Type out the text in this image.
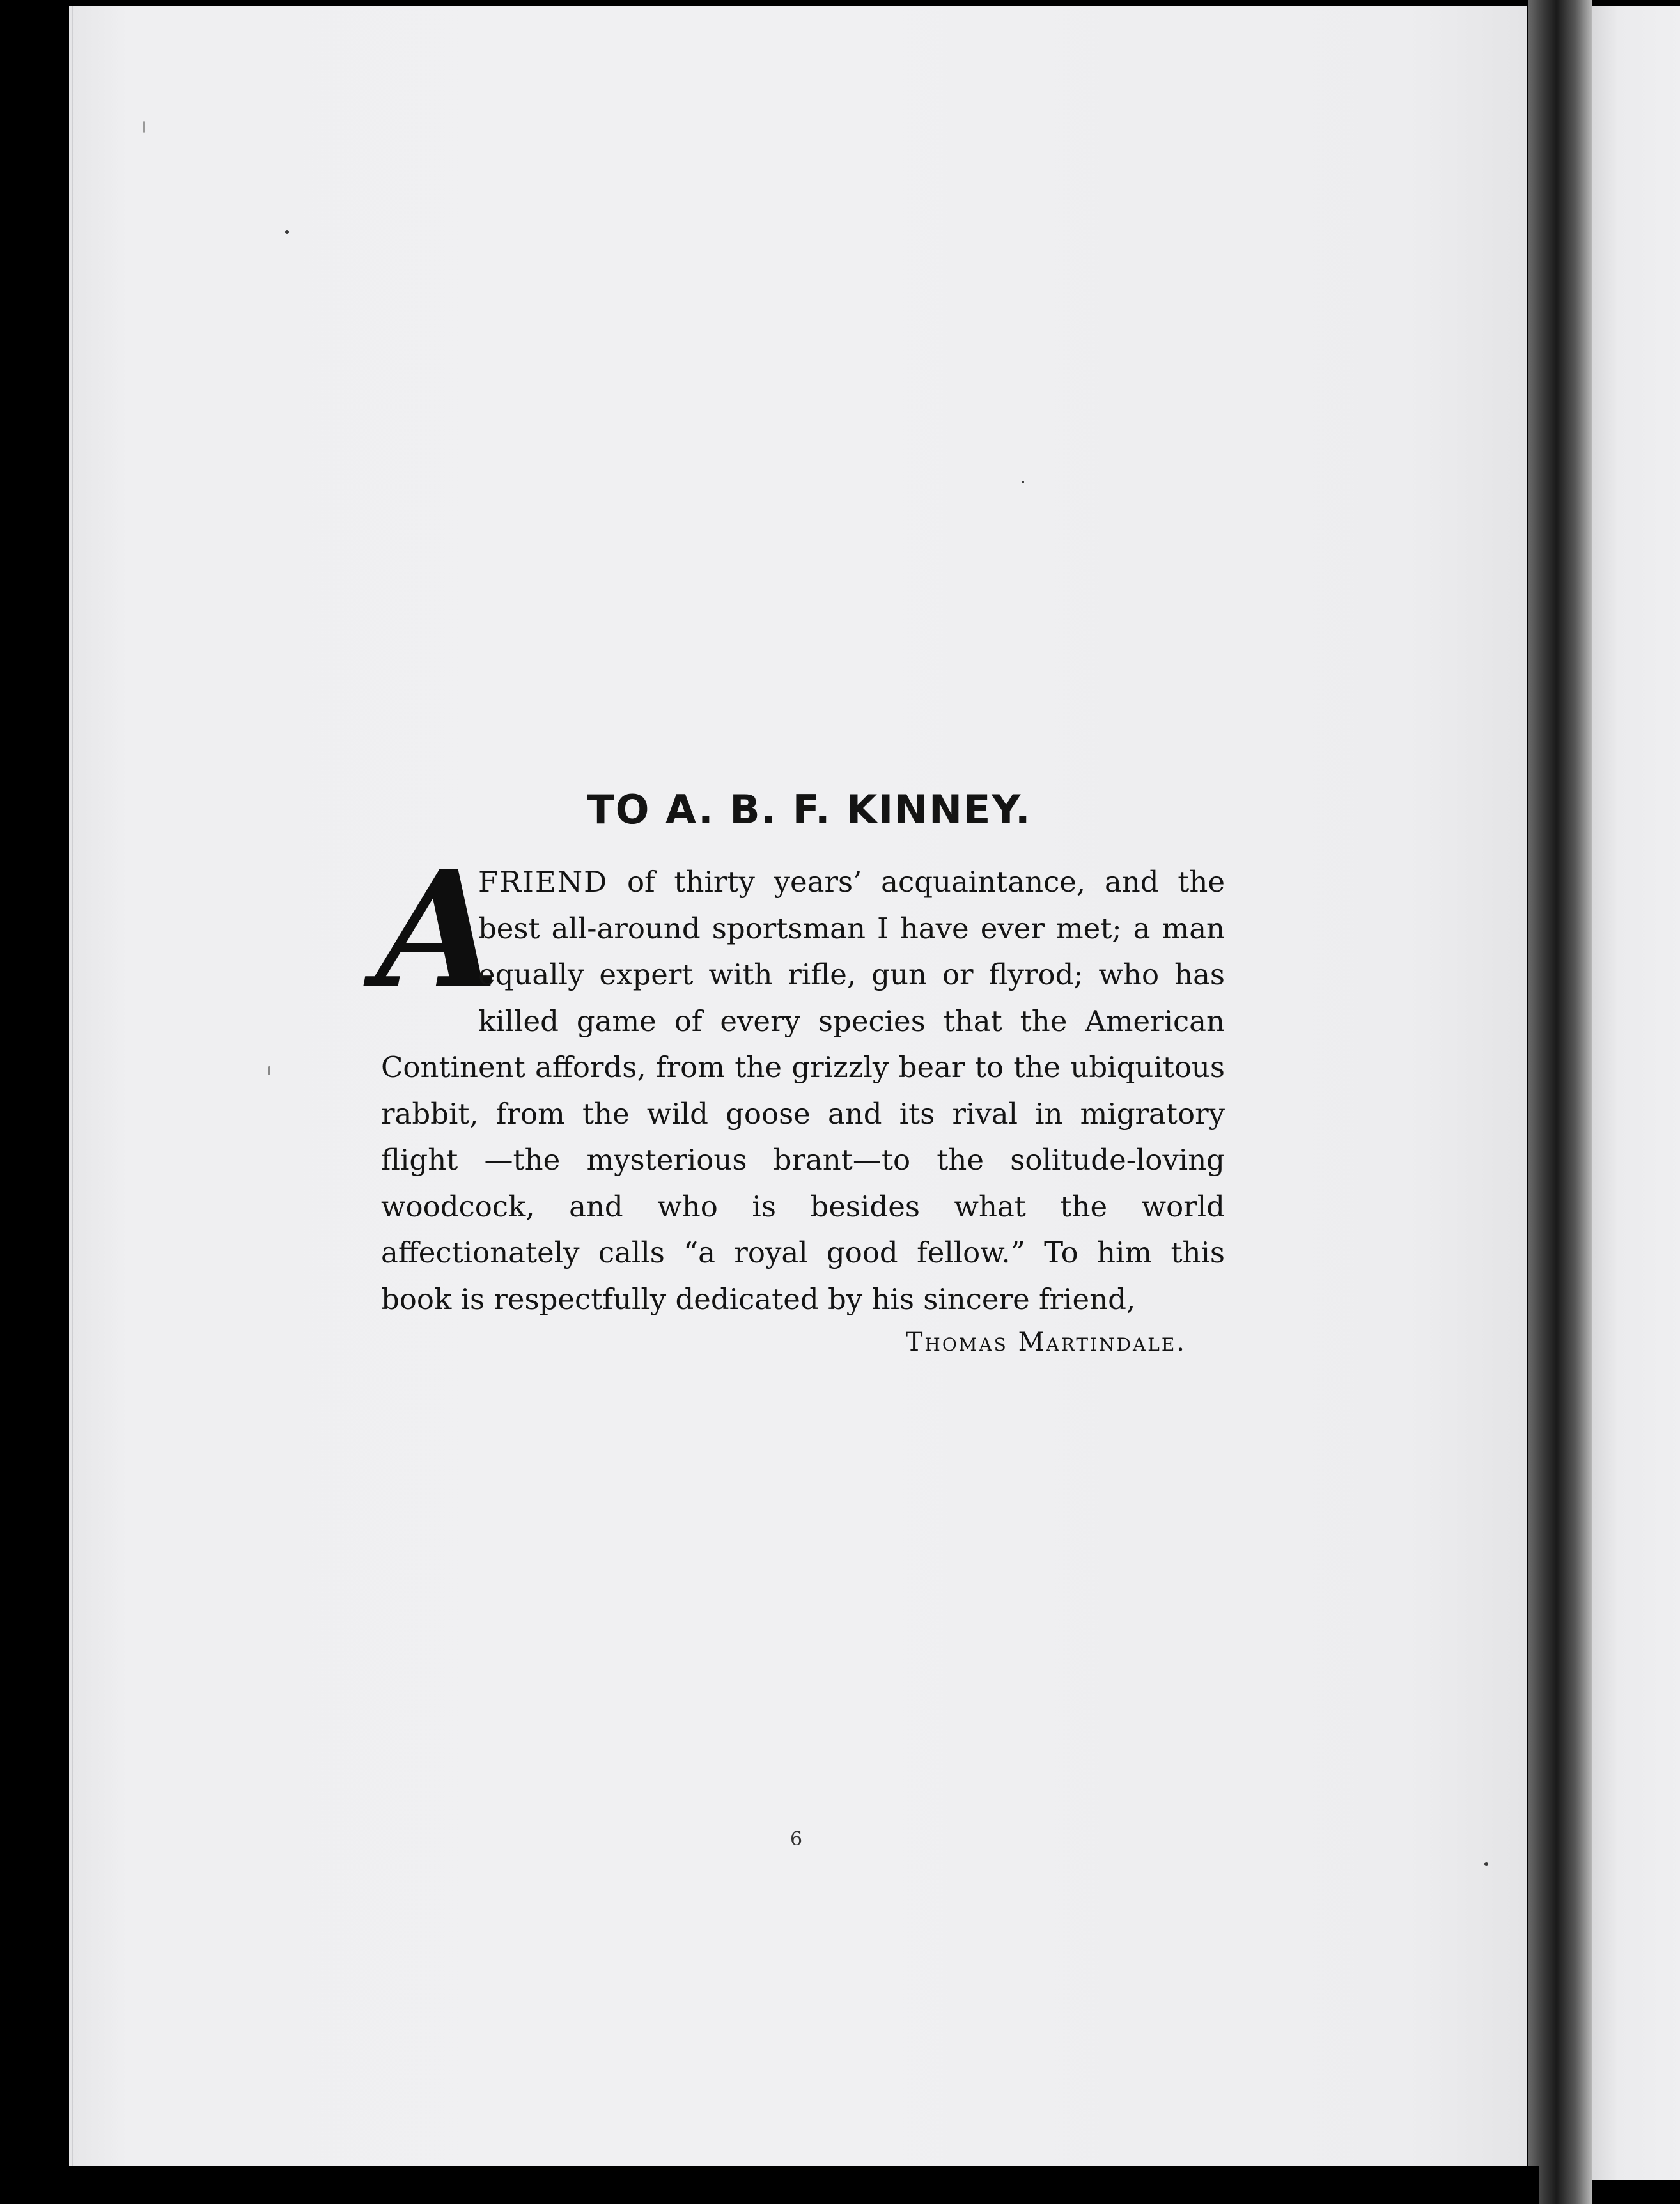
TO A. B. F. KINNEY.

A
FRIEND of thirty years’ acquaintance, and the best all-around sportsman I have ever met; a man equally expert with rifle, gun or flyrod; who has killed game of every species that the American Continent affords, from the grizzly bear to the ubiquitous rabbit, from the wild goose and its rival in migratory flight —the mysterious brant—to the solitude-loving woodcock, and who is besides what the world affectionately calls “a royal good fellow.” To him this book is respectfully dedicated by his sincere friend,

Thomas Martindale.
6
